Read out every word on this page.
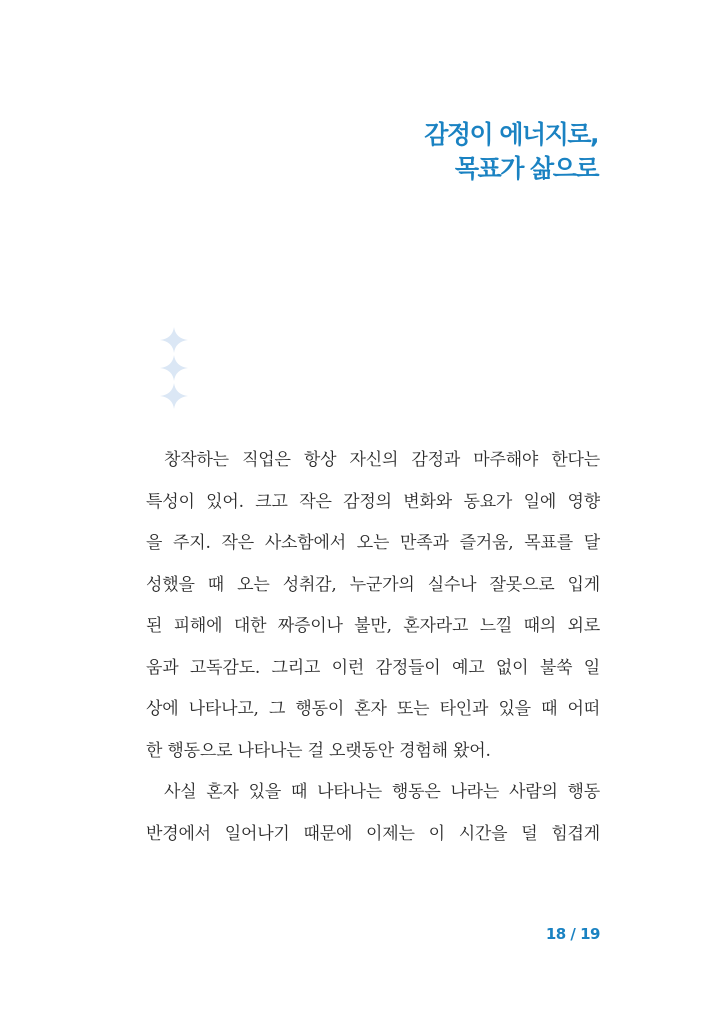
감정이 에너지로,
목표가 삶으로

창작하는 직업은 항상 자신의 감정과 마주해야 한다는

특성이 있어. 크고 작은 감정의 변화와 동요가 일에 영향

을 주지. 작은 사소함에서 오는 만족과 즐거움, 목표를 달

성했을 때 오는 성취감, 누군가의 실수나 잘못으로 입게

된 피해에 대한 짜증이나 불만, 혼자라고 느낄 때의 외로

움과 고독감도. 그리고 이런 감정들이 예고 없이 불쑥 일

상에 나타나고, 그 행동이 혼자 또는 타인과 있을 때 어떠

한 행동으로 나타나는 걸 오랫동안 경험해 왔어.

사실 혼자 있을 때 나타나는 행동은 나라는 사람의 행동

반경에서 일어나기 때문에 이제는 이 시간을 덜 힘겹게

18 / 19
